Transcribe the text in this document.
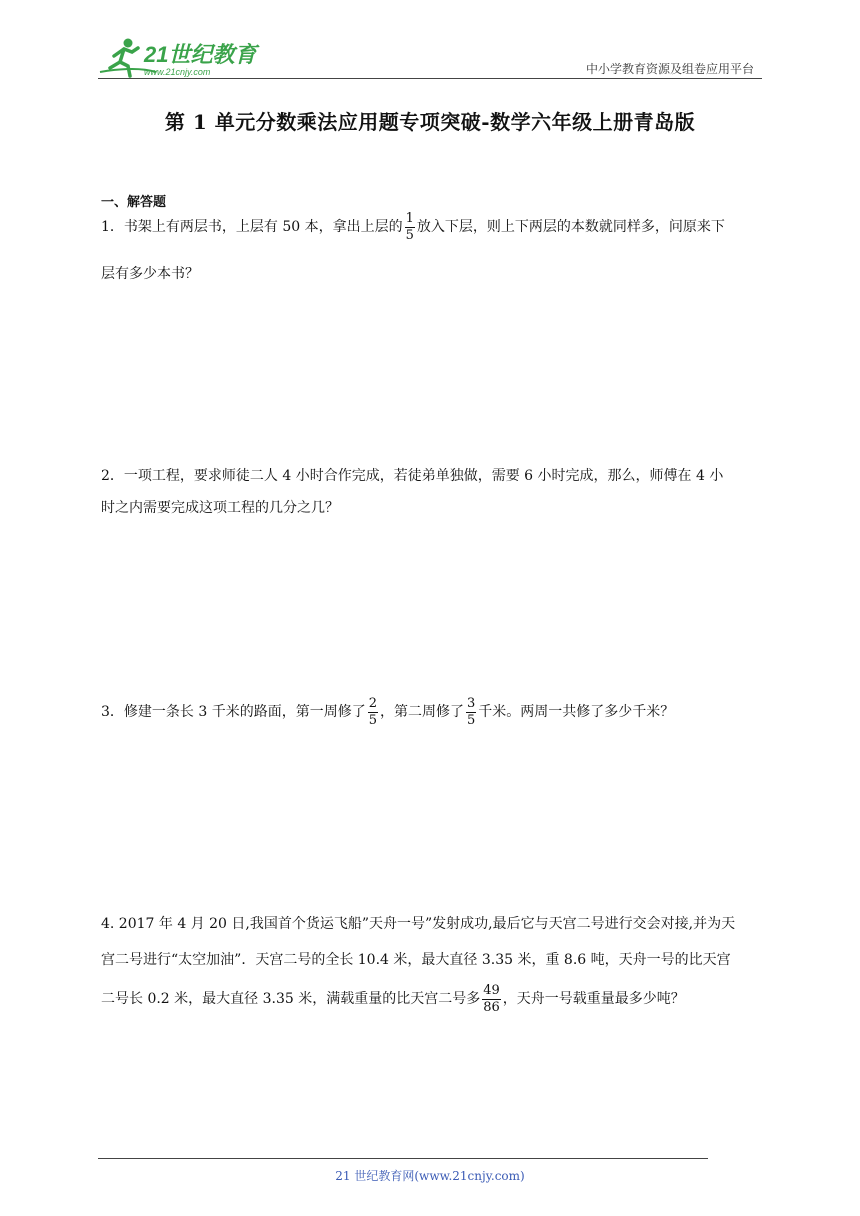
21世纪教育
www.21cnjy.com	中小学教育资源及组卷应用平台
第 1 单元分数乘法应用题专项突破-数学六年级上册青岛版
一、解答题
1．书架上有两层书，上层有 50 本，拿出上层的 $\frac{1}{5}$ 放入下层，则上下两层的本数就同样多，问原来下
层有多少本书？
2．一项工程，要求师徒二人 4 小时合作完成，若徒弟单独做，需要 6 小时完成，那么，师傅在 4 小
时之内需要完成这项工程的几分之几？
3．修建一条长 3 千米的路面，第一周修了 $\frac{2}{5}$ ，第二周修了 $\frac{3}{5}$ 千米。两周一共修了多少千米？
4. 2017 年 4 月 20 日,我国首个货运飞船”天舟一号”发射成功,最后它与天宫二号进行交会对接,并为天
宫二号进行“太空加油”．天宫二号的全长 10.4 米，最大直径 3.35 米，重 8.6 吨，天舟一号的比天宫
二号长 0.2 米，最大直径 3.35 米，满载重量的比天宫二号多 $\frac{49}{86}$ ，天舟一号载重量最多少吨？
21 世纪教育网(www.21cnjy.com)
